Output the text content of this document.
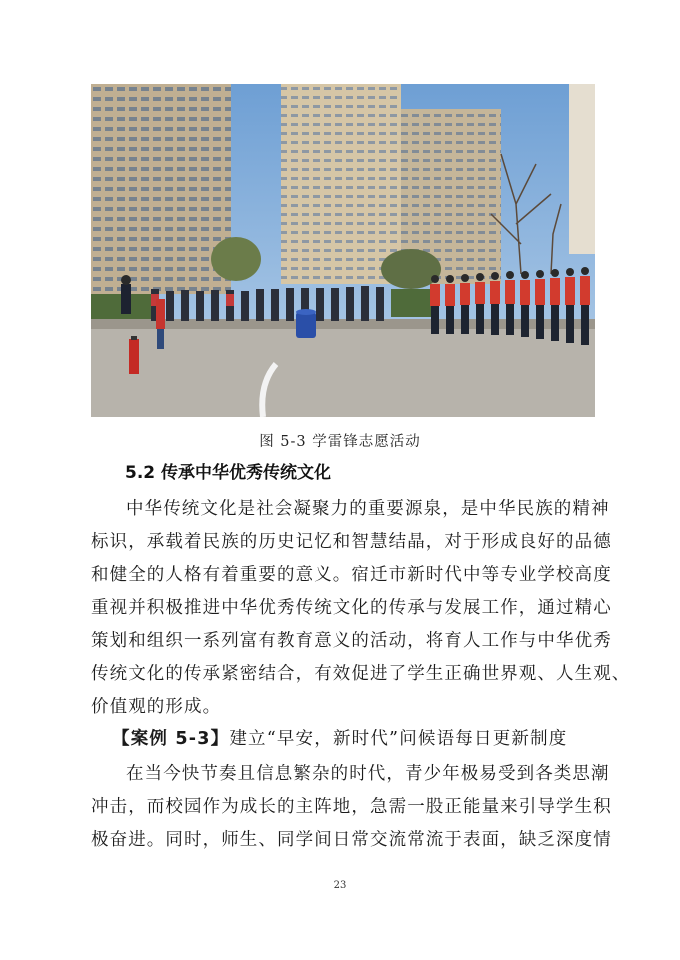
图 5-3 学雷锋志愿活动
5.2 传承中华优秀传统文化

中华传统文化是社会凝聚力的重要源泉，是中华民族的精神
标识，承载着民族的历史记忆和智慧结晶，对于形成良好的品德
和健全的人格有着重要的意义。宿迁市新时代中等专业学校高度
重视并积极推进中华优秀传统文化的传承与发展工作，通过精心
策划和组织一系列富有教育意义的活动，将育人工作与中华优秀
传统文化的传承紧密结合，有效促进了学生正确世界观、人生观、
价值观的形成。

【案例 5-3】建立“早安，新时代”问候语每日更新制度

在当今快节奏且信息繁杂的时代，青少年极易受到各类思潮
冲击，而校园作为成长的主阵地，急需一股正能量来引导学生积
极奋进。同时，师生、同学间日常交流常流于表面，缺乏深度情

23
